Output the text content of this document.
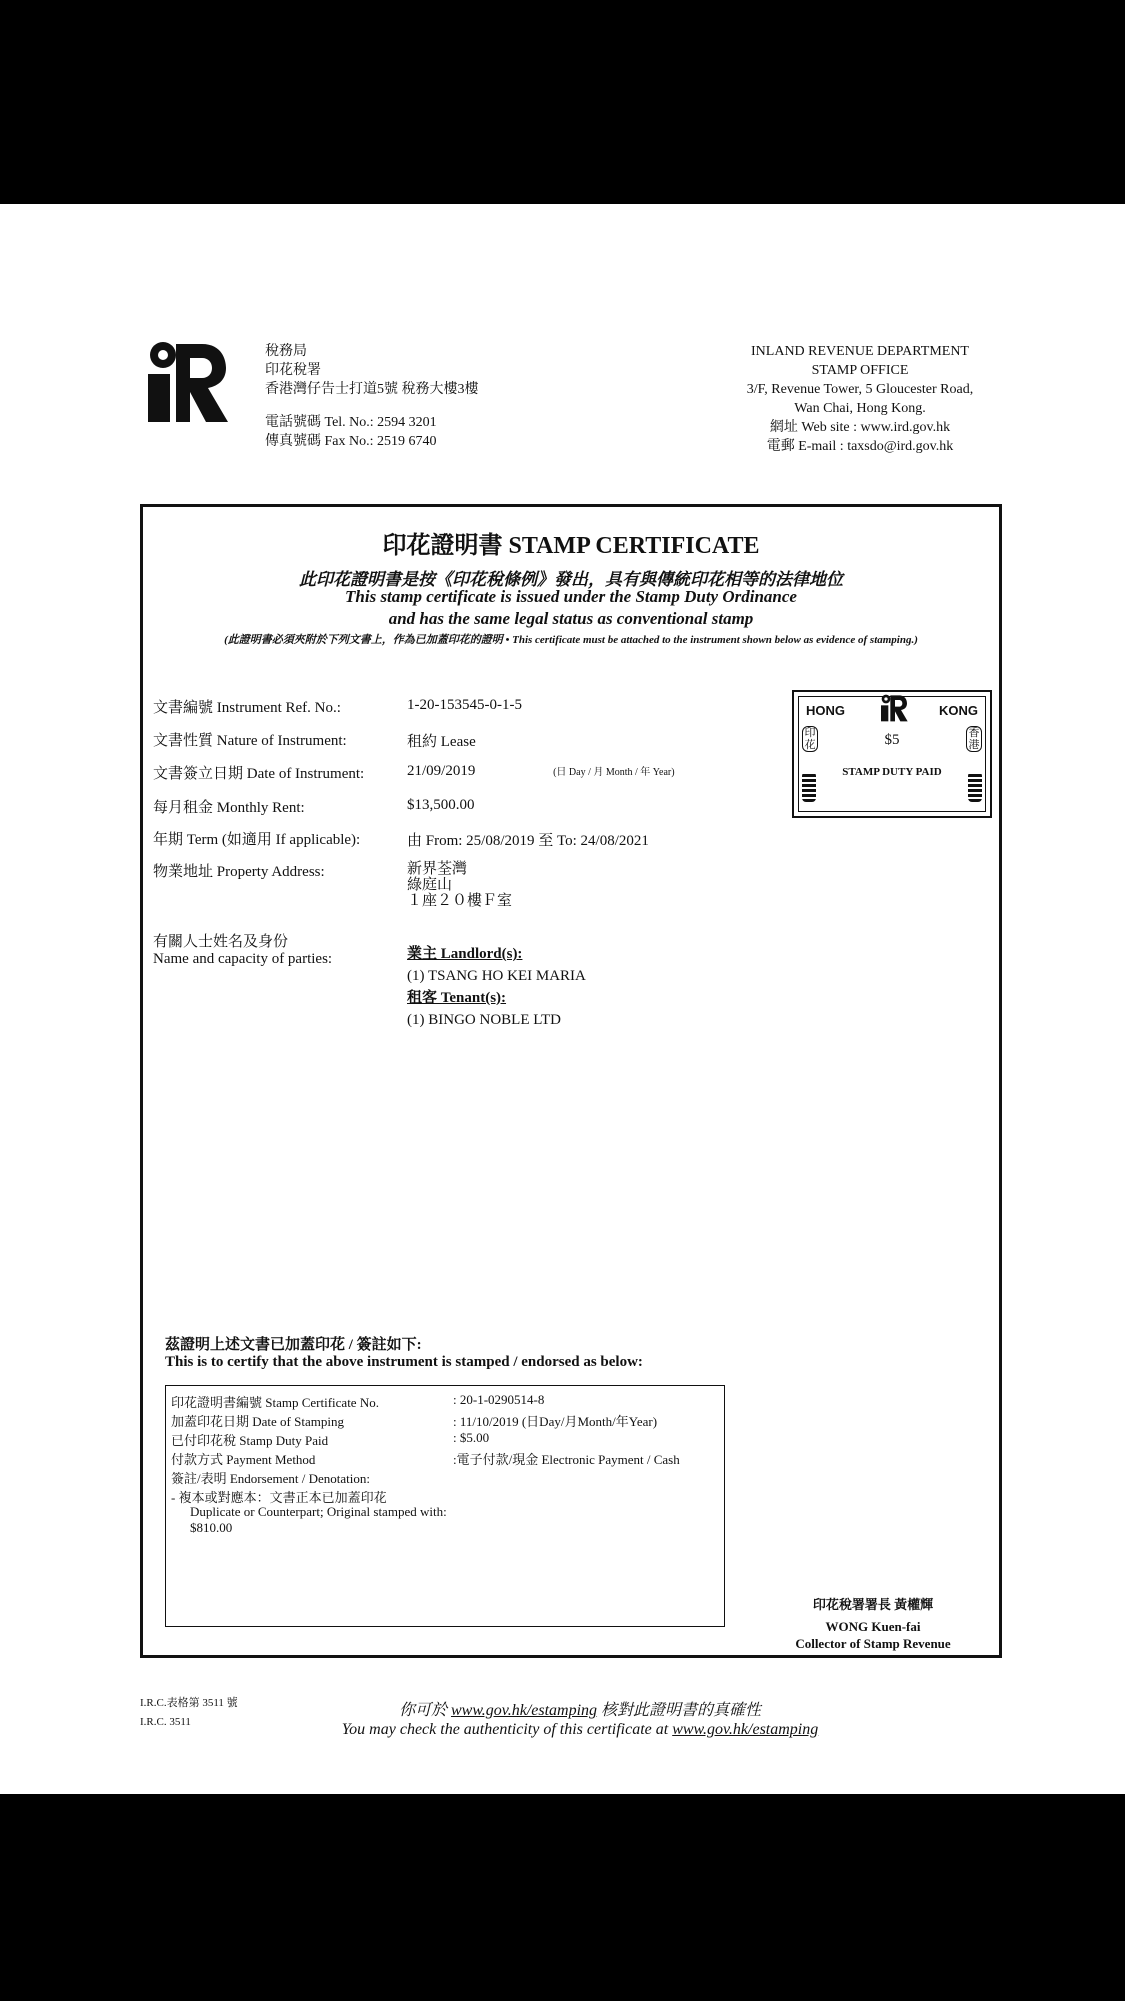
稅務局
印花稅署
香港灣仔告士打道5號 稅務大樓3樓
電話號碼 Tel. No.: 2594 3201
傳真號碼 Fax No.: 2519 6740
INLAND REVENUE DEPARTMENT
STAMP OFFICE
3/F, Revenue Tower, 5 Gloucester Road,
Wan Chai, Hong Kong.
網址 Web site : www.ird.gov.hk
電郵 E-mail : taxsdo@ird.gov.hk
印花證明書 STAMP CERTIFICATE
此印花證明書是按《印花稅條例》發出，具有與傳統印花相等的法律地位
This stamp certificate is issued under the Stamp Duty Ordinance
and has the same legal status as conventional stamp
(此證明書必須夾附於下列文書上，作為已加蓋印花的證明 • This certificate must be attached to the instrument shown below as evidence of stamping.)
文書編號 Instrument Ref. No.:	1-20-153545-0-1-5
文書性質 Nature of Instrument:	租約 Lease
文書簽立日期 Date of Instrument:	21/09/2019	(日 Day / 月 Month / 年 Year)
每月租金 Monthly Rent:	$13,500.00
年期 Term (如適用 If applicable):	由 From: 25/08/2019 至 To: 24/08/2021
物業地址 Property Address:	新界荃灣
綠庭山
１座２０樓Ｆ室
有關人士姓名及身份
Name and capacity of parties:	業主 Landlord(s):
(1) TSANG HO KEI MARIA
租客 Tenant(s):
(1) BINGO NOBLE LTD
HONG	KONG
$5
STAMP DUTY PAID
印花
香港
茲證明上述文書已加蓋印花 / 簽註如下:
This is to certify that the above instrument is stamped / endorsed as below:
印花證明書編號 Stamp Certificate No.	: 20-1-0290514-8
加蓋印花日期 Date of Stamping	: 11/10/2019 (日Day/月Month/年Year)
已付印花稅 Stamp Duty Paid	: $5.00
付款方式 Payment Method	:電子付款/現金 Electronic Payment / Cash
簽註/表明 Endorsement / Denotation:
- 複本或對應本：文書正本已加蓋印花
Duplicate or Counterpart; Original stamped with:
$810.00
印花稅署署長 黃權輝
WONG Kuen-fai
Collector of Stamp Revenue
I.R.C.表格第 3511 號
I.R.C. 3511
你可於 www.gov.hk/estamping 核對此證明書的真確性
You may check the authenticity of this certificate at www.gov.hk/estamping
